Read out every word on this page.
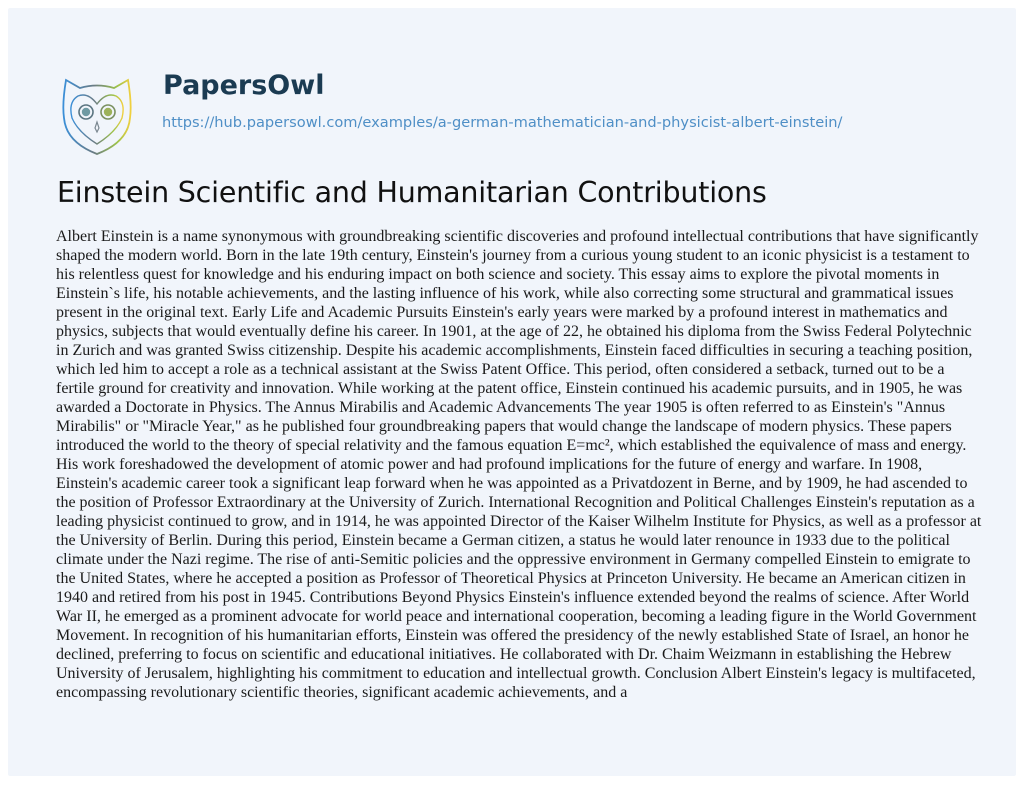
PapersOwl
https://hub.papersowl.com/examples/a-german-mathematician-and-physicist-albert-einstein/
Einstein Scientific and Humanitarian Contributions
Albert Einstein is a name synonymous with groundbreaking scientific discoveries and profound intellectual contributions that have significantly
shaped the modern world. Born in the late 19th century, Einstein's journey from a curious young student to an iconic physicist is a testament to
his relentless quest for knowledge and his enduring impact on both science and society. This essay aims to explore the pivotal moments in
Einstein`s life, his notable achievements, and the lasting influence of his work, while also correcting some structural and grammatical issues
present in the original text. Early Life and Academic Pursuits Einstein's early years were marked by a profound interest in mathematics and
physics, subjects that would eventually define his career. In 1901, at the age of 22, he obtained his diploma from the Swiss Federal Polytechnic
in Zurich and was granted Swiss citizenship. Despite his academic accomplishments, Einstein faced difficulties in securing a teaching position,
which led him to accept a role as a technical assistant at the Swiss Patent Office. This period, often considered a setback, turned out to be a
fertile ground for creativity and innovation. While working at the patent office, Einstein continued his academic pursuits, and in 1905, he was
awarded a Doctorate in Physics. The Annus Mirabilis and Academic Advancements The year 1905 is often referred to as Einstein's "Annus
Mirabilis" or "Miracle Year," as he published four groundbreaking papers that would change the landscape of modern physics. These papers
introduced the world to the theory of special relativity and the famous equation E=mc², which established the equivalence of mass and energy.
His work foreshadowed the development of atomic power and had profound implications for the future of energy and warfare. In 1908,
Einstein's academic career took a significant leap forward when he was appointed as a Privatdozent in Berne, and by 1909, he had ascended to
the position of Professor Extraordinary at the University of Zurich. International Recognition and Political Challenges Einstein's reputation as a
leading physicist continued to grow, and in 1914, he was appointed Director of the Kaiser Wilhelm Institute for Physics, as well as a professor at
the University of Berlin. During this period, Einstein became a German citizen, a status he would later renounce in 1933 due to the political
climate under the Nazi regime. The rise of anti-Semitic policies and the oppressive environment in Germany compelled Einstein to emigrate to
the United States, where he accepted a position as Professor of Theoretical Physics at Princeton University. He became an American citizen in
1940 and retired from his post in 1945. Contributions Beyond Physics Einstein's influence extended beyond the realms of science. After World
War II, he emerged as a prominent advocate for world peace and international cooperation, becoming a leading figure in the World Government
Movement. In recognition of his humanitarian efforts, Einstein was offered the presidency of the newly established State of Israel, an honor he
declined, preferring to focus on scientific and educational initiatives. He collaborated with Dr. Chaim Weizmann in establishing the Hebrew
University of Jerusalem, highlighting his commitment to education and intellectual growth. Conclusion Albert Einstein's legacy is multifaceted,
encompassing revolutionary scientific theories, significant academic achievements, and a
